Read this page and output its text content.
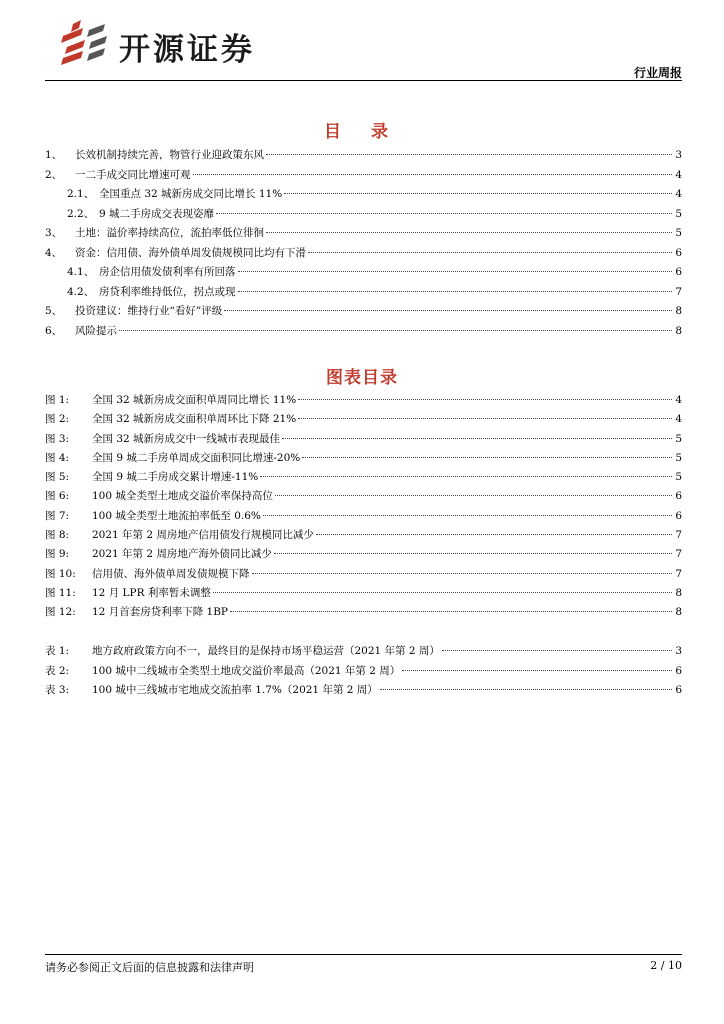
开源证券
行业周报
目 录
1、	长效机制持续完善，物管行业迎政策东风	3
2、	一二手成交同比增速可观	4
2.1、 全国重点 32 城新房成交同比增长 11%	4
2.2、 9 城二手房成交表现姿靡	5
3、	土地：溢价率持续高位，流拍率低位徘徊	5
4、	资金：信用债、海外债单周发债规模同比均有下滑	6
4.1、 房企信用债发债利率有所回落	6
4.2、 房贷利率维持低位，拐点或现	7
5、	投资建议：维持行业“看好”评级	8
6、	风险提示	8
图表目录
图 1:	全国 32 城新房成交面积单周同比增长 11%	4
图 2:	全国 32 城新房成交面积单周环比下降 21%	4
图 3:	全国 32 城新房成交中一线城市表现最佳	5
图 4:	全国 9 城二手房单周成交面积同比增速-20%	5
图 5:	全国 9 城二手房成交累计增速-11%	5
图 6:	100 城全类型土地成交溢价率保持高位	6
图 7:	100 城全类型土地流拍率低至 0.6%	6
图 8:	2021 年第 2 周房地产信用债发行规模同比减少	7
图 9:	2021 年第 2 周房地产海外债同比减少	7
图 10:	信用债、海外债单周发债规模下降	7
图 11:	12 月 LPR 利率暂未调整	8
图 12:	12 月首套房贷利率下降 1BP	8
表 1:	地方政府政策方向不一，最终目的是保持市场平稳运营（2021 年第 2 周）	3
表 2:	100 城中二线城市全类型土地成交溢价率最高（2021 年第 2 周）	6
表 3:	100 城中三线城市宅地成交流拍率 1.7%（2021 年第 2 周）	6
请务必参阅正文后面的信息披露和法律声明	2 / 10
